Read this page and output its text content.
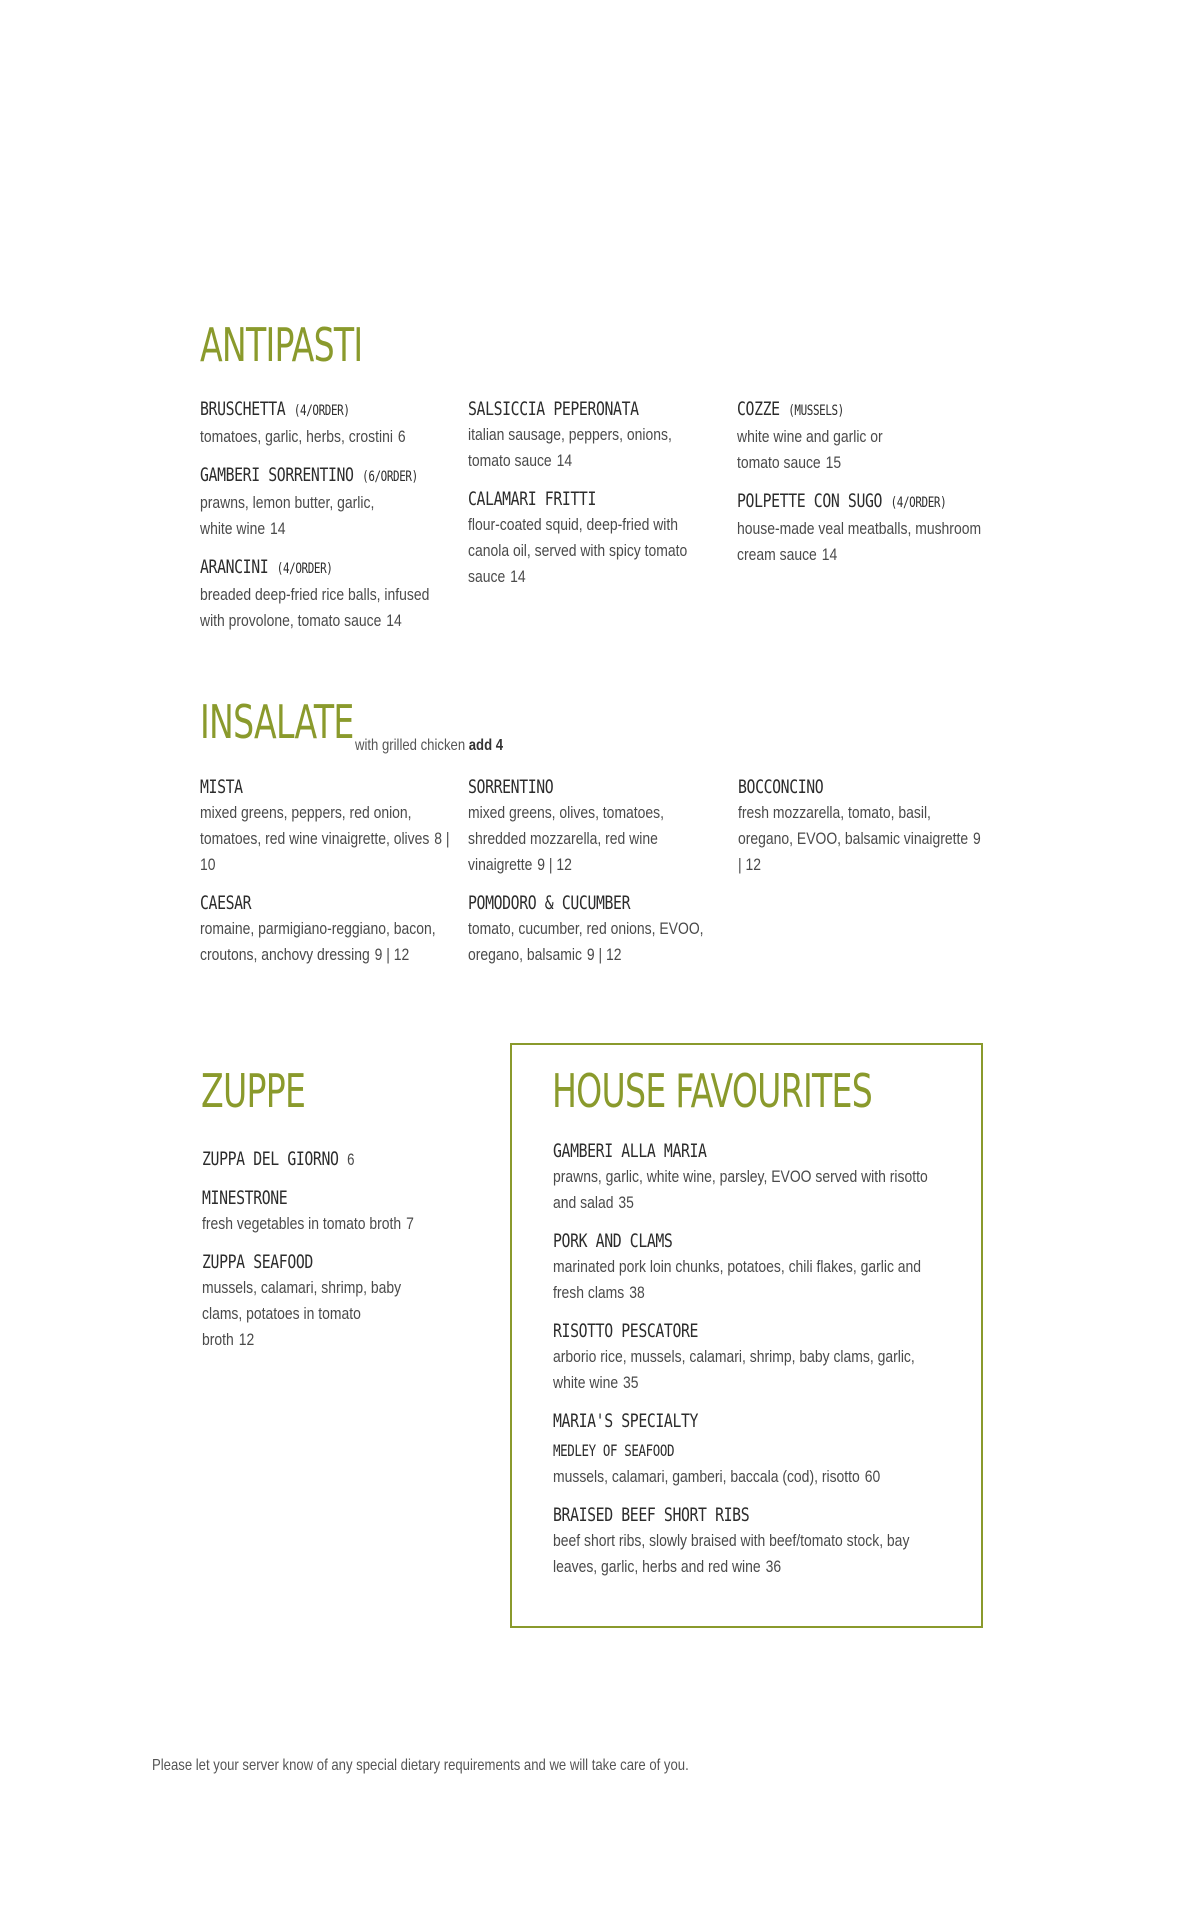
ANTIPASTI
BRUSCHETTA (4/ORDER)
tomatoes, garlic, herbs, crostini 6
GAMBERI SORRENTINO (6/ORDER)
prawns, lemon butter, garlic, white wine 14
ARANCINI (4/ORDER)
breaded deep-fried rice balls, infused with provolone, tomato sauce 14
SALSICCIA PEPERONATA
italian sausage, peppers, onions, tomato sauce 14
CALAMARI FRITTI
flour-coated squid, deep-fried with canola oil, served with spicy tomato sauce 14
COZZE (MUSSELS)
white wine and garlic or tomato sauce 15
POLPETTE CON SUGO (4/ORDER)
house-made veal meatballs, mushroom cream sauce 14
INSALATE with grilled chicken add 4
MISTA
mixed greens, peppers, red onion, tomatoes, red wine vinaigrette, olives 8 | 10
CAESAR
romaine, parmigiano-reggiano, bacon, croutons, anchovy dressing 9 | 12
SORRENTINO
mixed greens, olives, tomatoes, shredded mozzarella, red wine vinaigrette 9 | 12
POMODORO & CUCUMBER
tomato, cucumber, red onions, EVOO, oregano, balsamic 9 | 12
BOCCONCINO
fresh mozzarella, tomato, basil, oregano, EVOO, balsamic vinaigrette 9 | 12
ZUPPE
ZUPPA DEL GIORNO 6
MINESTRONE
fresh vegetables in tomato broth 7
ZUPPA SEAFOOD
mussels, calamari, shrimp, baby clams, potatoes in tomato broth 12
HOUSE FAVOURITES
GAMBERI ALLA MARIA
prawns, garlic, white wine, parsley, EVOO served with risotto and salad 35
PORK AND CLAMS
marinated pork loin chunks, potatoes, chili flakes, garlic and fresh clams 38
RISOTTO PESCATORE
arborio rice, mussels, calamari, shrimp, baby clams, garlic, white wine 35
MARIA'S SPECIALTY
MEDLEY OF SEAFOOD
mussels, calamari, gamberi, baccala (cod), risotto 60
BRAISED BEEF SHORT RIBS
beef short ribs, slowly braised with beef/tomato stock, bay leaves, garlic, herbs and red wine 36
Please let your server know of any special dietary requirements and we will take care of you.
